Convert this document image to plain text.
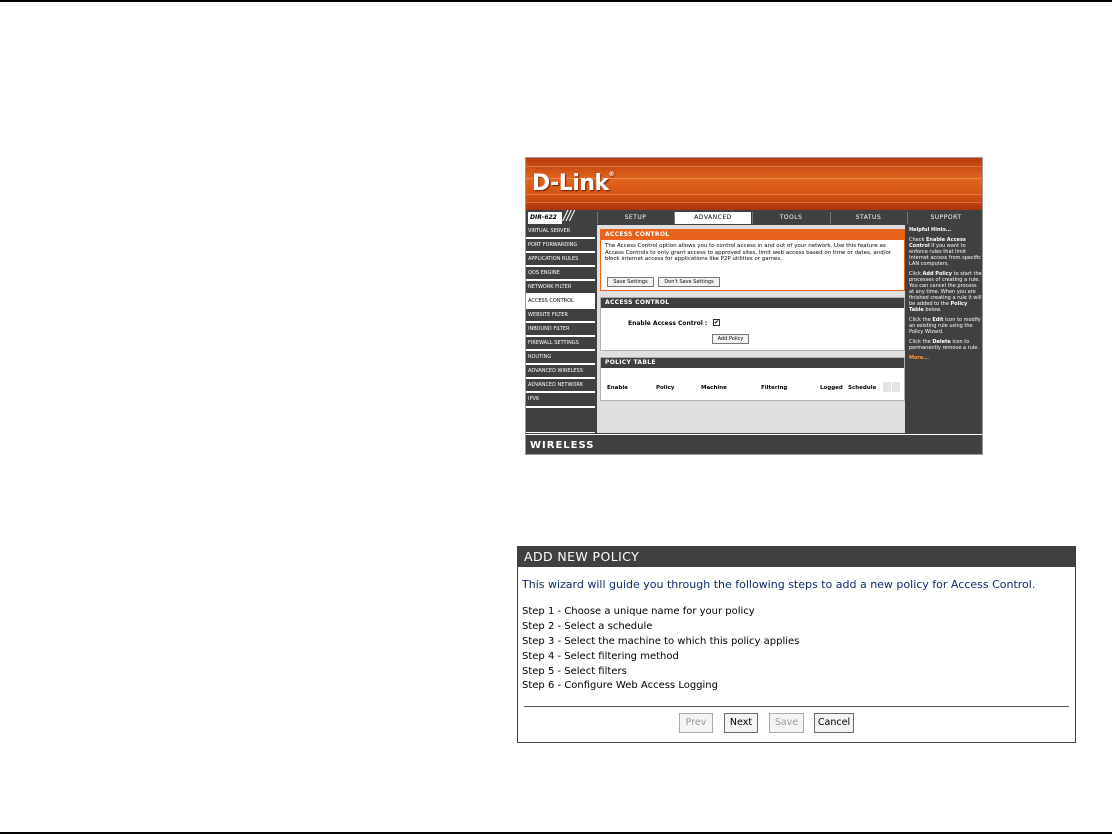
D-Link®
DIR-622 ///	SETUP	ADVANCED	TOOLS	STATUS	SUPPORT
VIRTUAL SERVER
PORT FORWARDING
APPLICATION RULES
QOS ENGINE
NETWORK FILTER
ACCESS CONTROL
WEBSITE FILTER
INBOUND FILTER
FIREWALL SETTINGS
ROUTING
ADVANCED WIRELESS
ADVANCED NETWORK
IPV6
ACCESS CONTROL
The Access Control option allows you to control access in and out of your network. Use this feature as Access Controls to only grant access to approved sites, limit web access based on time or dates, and/or block internet access for applications like P2P utilities or games.
Save Settings	Don't Save Settings
ACCESS CONTROL
Enable Access Control : ✔
Add Policy
POLICY TABLE
Enable	Policy	Machine	Filtering	Logged Schedule

Helpful Hints...

Check Enable Access Control if you want to enforce rules that limit Internet access from specific LAN computers.

Click Add Policy to start the processes of creating a rule. You can cancel the process at any time. When you are finished creating a rule it will be added to the Policy Table below.

Click the Edit icon to modify an existing rule using the Policy Wizard.

Click the Delete icon to permanently remove a rule.

More...

WIRELESS
ADD NEW POLICY
This wizard will guide you through the following steps to add a new policy for Access Control.
Step 1 - Choose a unique name for your policy
Step 2 - Select a schedule
Step 3 - Select the machine to which this policy applies
Step 4 - Select filtering method
Step 5 - Select filters
Step 6 - Configure Web Access Logging
Prev	Next	Save	Cancel
